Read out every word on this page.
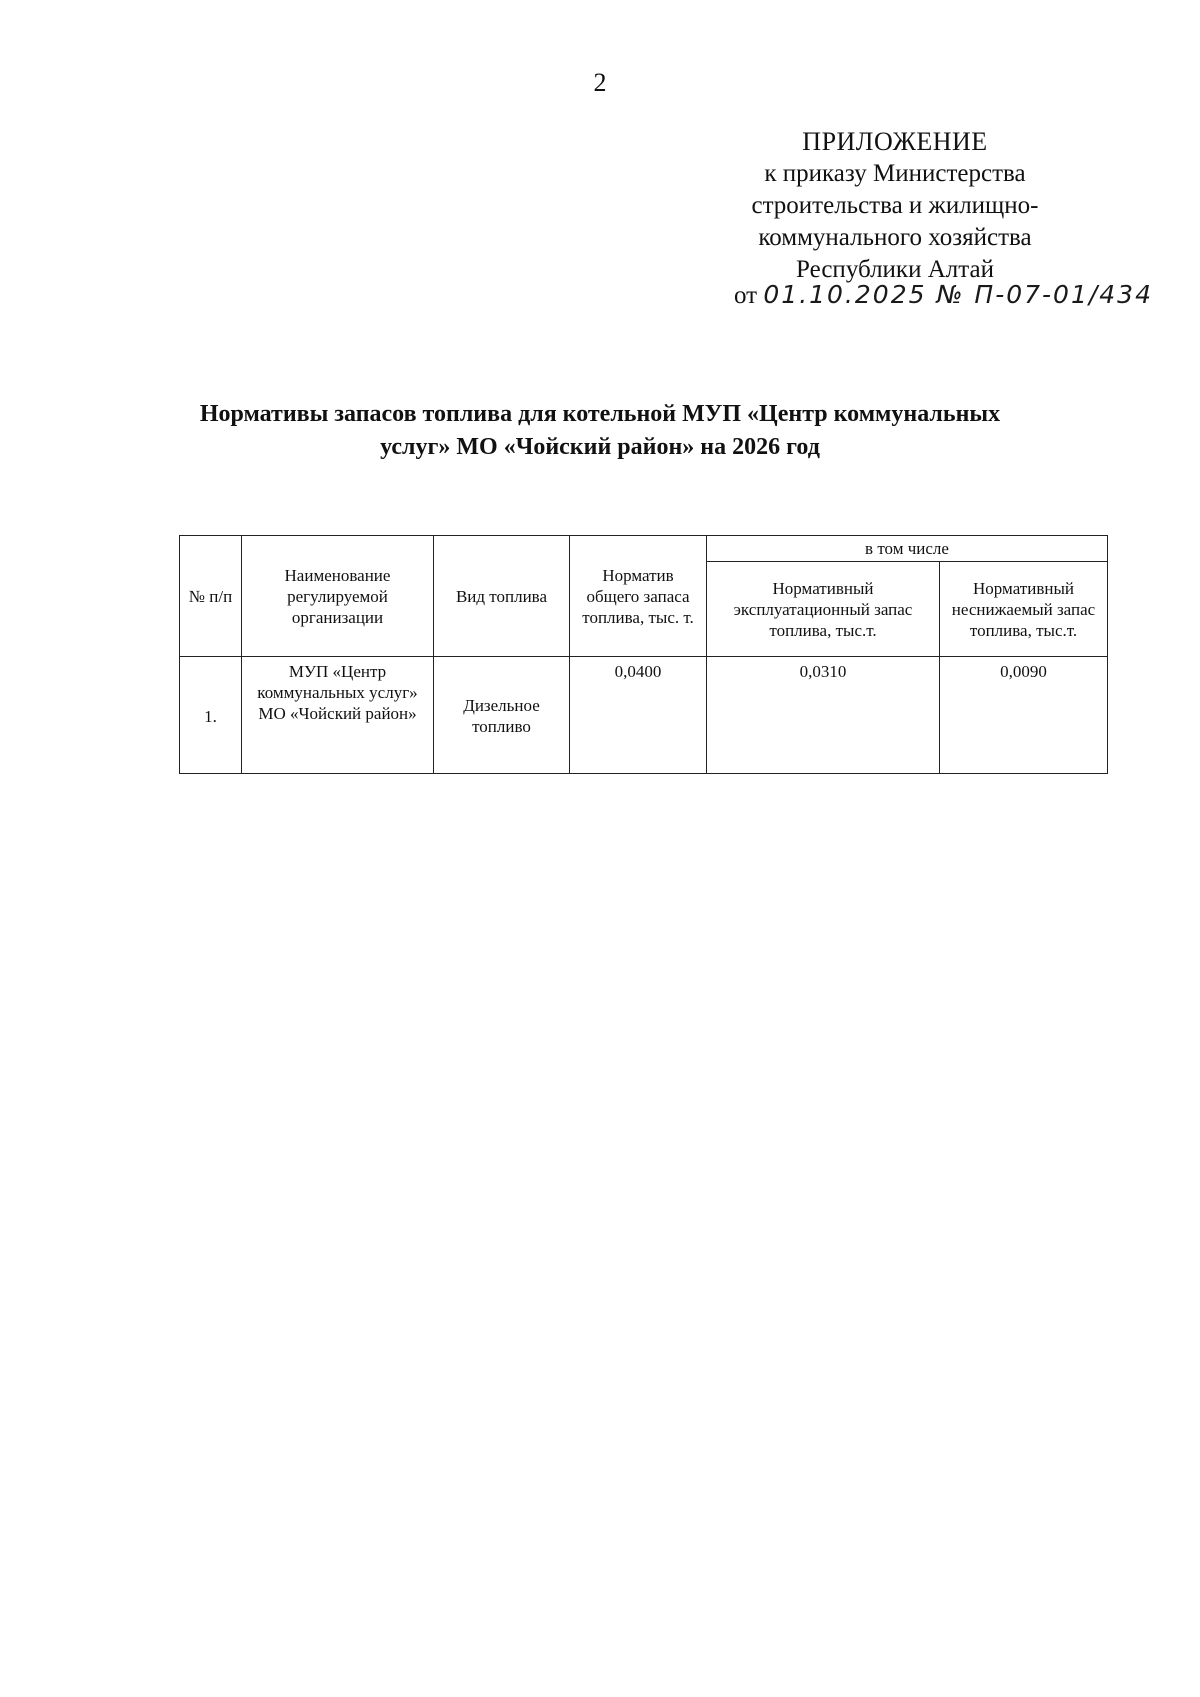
2
ПРИЛОЖЕНИЕ
к приказу Министерства
строительства и жилищно-
коммунального хозяйства
Республики Алтай
от 01.10.2025 № П-07-01/434
Нормативы запасов топлива для котельной МУП «Центр коммунальных
услуг» МО «Чойский район» на 2026 год
№ п/п	Наименование регулируемой организации	Вид топлива	Норматив общего запаса топлива, тыс. т.	в том числе	
				Нормативный эксплуатационный запас топлива, тыс.т.	Нормативный неснижаемый запас топлива, тыс.т.
1.	МУП «Центр коммунальных услуг» МО «Чойский район»	Дизельное топливо	0,0400	0,0310	0,0090
